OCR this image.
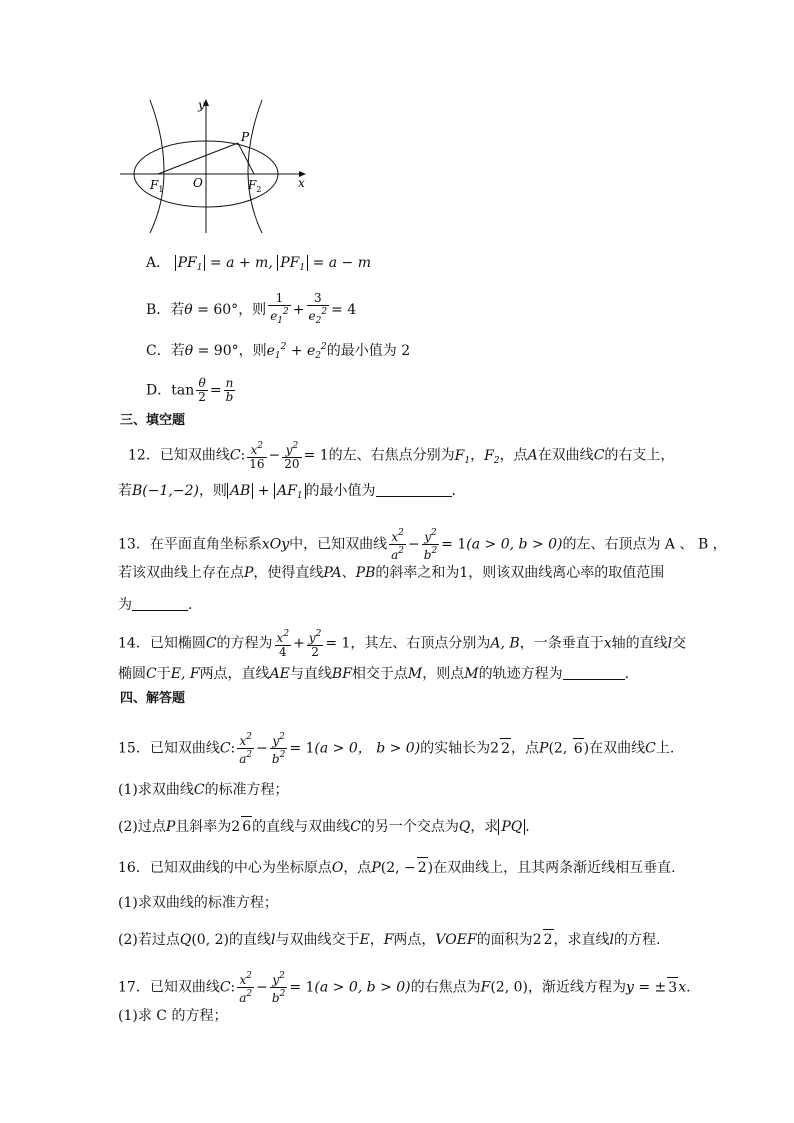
y
x
P
O
$F_1$	$F_2$
A． $PF_1 = a + m$, $PF_1 = a - m$
B．若θ = 60°，则 $\frac{1}{e_1^2} + \frac{3}{e_2^2} = 4$
C．若θ = 90°，则$e_1^2 + e_2^2$的最小值为 2
D．$\tan \frac{\theta}{2} = \frac{n}{b}$
三、填空题
12．已知双曲线C: $\frac{x^2}{16} - \frac{y^2}{20} = 1$的左、右焦点分别为$F_1$，$F_2$，点A在双曲线C的右支上，
若B(−1,−2)，则 AB + $AF_1$ 的最小值为	.
13．在平面直角坐标系xOy中，已知双曲线 $\frac{x^2}{a^2} - \frac{y^2}{b^2} = 1(a > 0$, b > 0)的左、右顶点为 A 、 B ，
若该双曲线上存在点P，使得直线PA、PB的斜率之和为1，则该双曲线离心率的取值范围
为	.
14．已知椭圆C的方程为 $\frac{x^2}{4} + \frac{y^2}{2} = 1$，其左、右顶点分别为A, B，一条垂直于x轴的直线l交
椭圆C于E, F两点，直线AE与直线BF相交于点M，则点M的轨迹方程为	.
四、解答题
15．已知双曲线C: $\frac{x^2}{a^2} - \frac{y^2}{b^2} = 1(a > 0$， b > 0)的实轴长为2 2，点P(2, 6)在双曲线C上.
(1)求双曲线C的标准方程；
(2)过点P且斜率为2 6的直线与双曲线C的另一个交点为Q，求 PQ .
16．已知双曲线的中心为坐标原点O，点P(2, − 2)在双曲线上，且其两条渐近线相互垂直.
(1)求双曲线的标准方程；
(2)若过点Q(0, 2)的直线l与双曲线交于E，F两点，VOEF的面积为2 2，求直线l的方程.
17．已知双曲线C: $\frac{x^2}{a^2} - \frac{y^2}{b^2} = 1(a > 0$, b > 0)的右焦点为F(2, 0)，渐近线方程为y = ± 3x.
(1)求 C 的方程；
